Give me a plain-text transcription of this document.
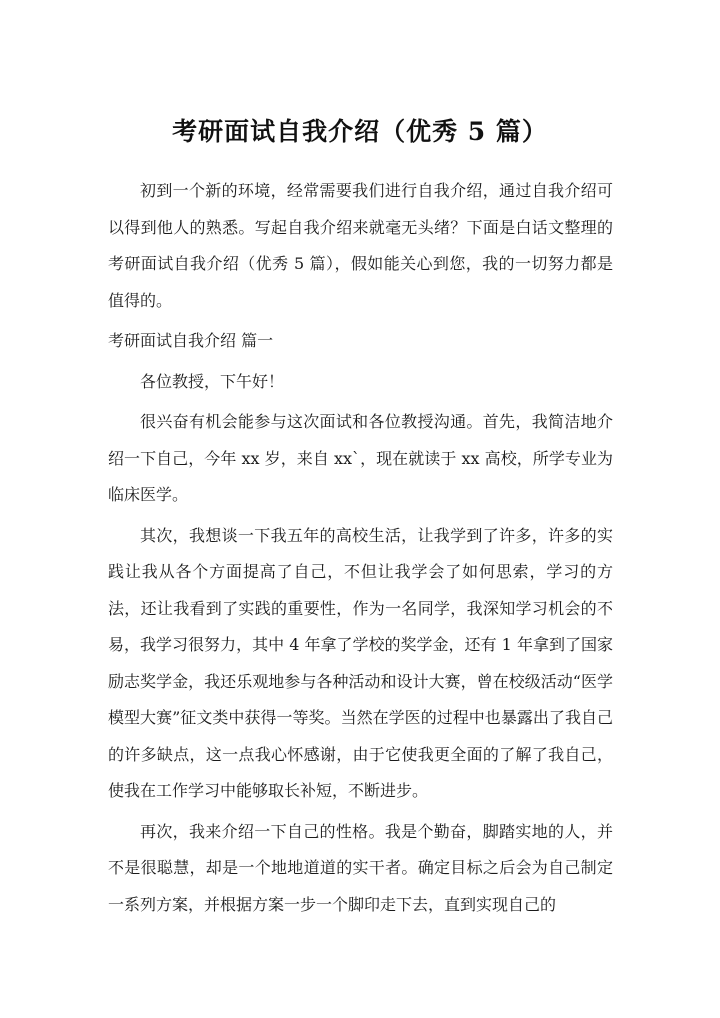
考研面试自我介绍（优秀 5 篇）

初到一个新的环境，经常需要我们进行自我介绍，通过自我介绍可以得到他人的熟悉。写起自我介绍来就毫无头绪？下面是白话文整理的考研面试自我介绍（优秀 5 篇），假如能关心到您，我的一切努力都是值得的。

考研面试自我介绍 篇一

各位教授，下午好！

很兴奋有机会能参与这次面试和各位教授沟通。首先，我简洁地介绍一下自己，今年 xx 岁，来自 xx`，现在就读于 xx 高校，所学专业为临床医学。

其次，我想谈一下我五年的高校生活，让我学到了许多，许多的实践让我从各个方面提高了自己，不但让我学会了如何思索，学习的方法，还让我看到了实践的重要性，作为一名同学，我深知学习机会的不易，我学习很努力，其中 4 年拿了学校的奖学金，还有 1 年拿到了国家励志奖学金，我还乐观地参与各种活动和设计大赛，曾在校级活动“医学模型大赛”征文类中获得一等奖。当然在学医的过程中也暴露出了我自己的许多缺点，这一点我心怀感谢，由于它使我更全面的了解了我自己，使我在工作学习中能够取长补短，不断进步。

再次，我来介绍一下自己的性格。我是个勤奋，脚踏实地的人，并不是很聪慧，却是一个地地道道的实干者。确定目标之后会为自己制定一系列方案，并根据方案一步一个脚印走下去，直到实现自己的
